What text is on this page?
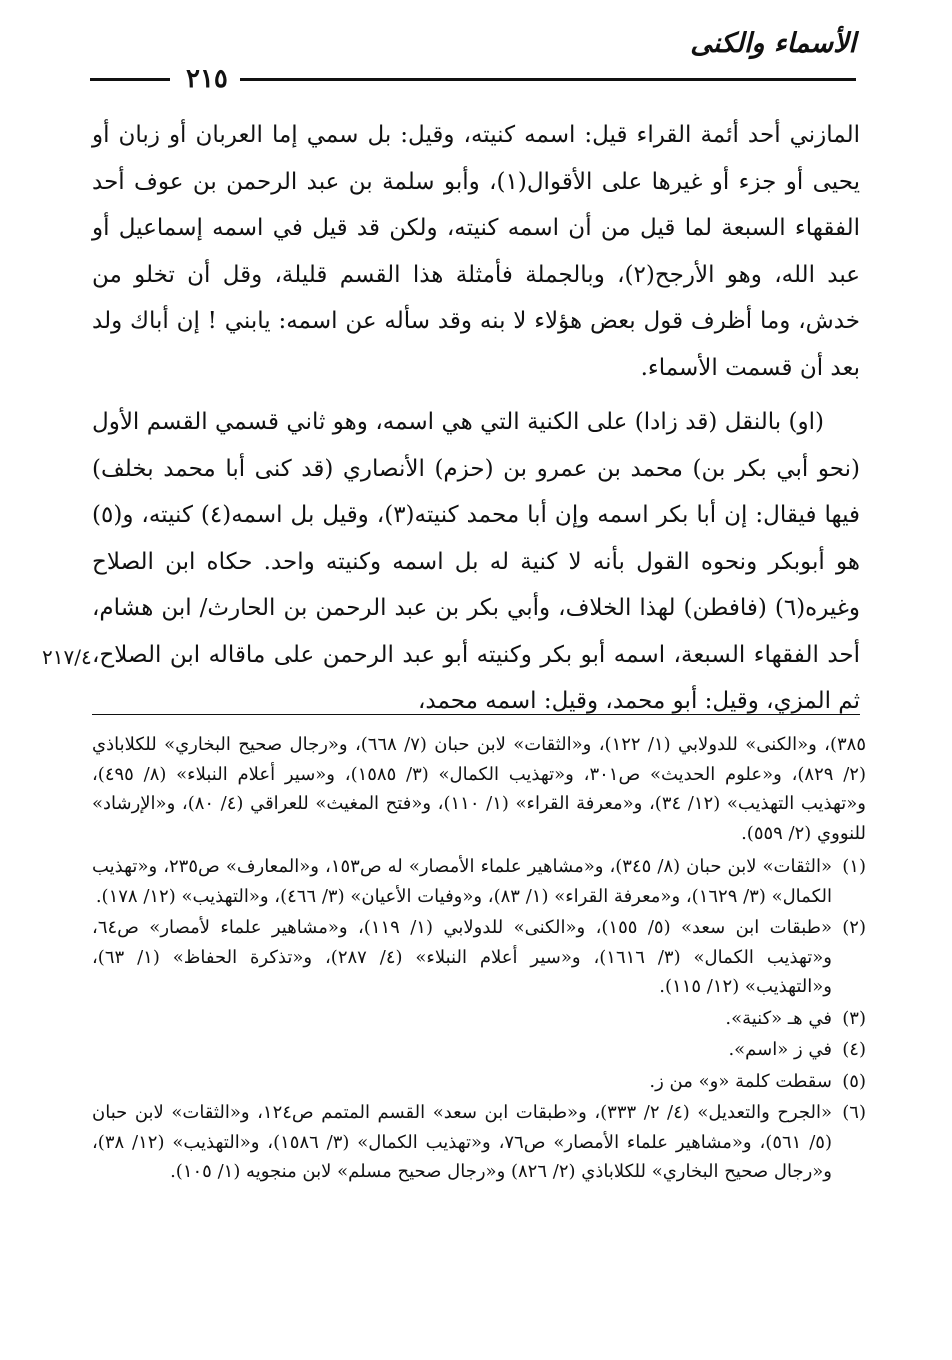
الأسماء والكنى
٢١٥

المازني أحد أئمة القراء قيل: اسمه كنيته، وقيل: بل سمي إما العربان أو زبان أو يحيى أو جزء أو غيرها على الأقوال(١)، وأبو سلمة بن عبد الرحمن بن عوف أحد الفقهاء السبعة لما قيل من أن اسمه كنيته، ولكن قد قيل في اسمه إسماعيل أو عبد الله، وهو الأرجح(٢)، وبالجملة فأمثلة هذا القسم قليلة، وقل أن تخلو من خدش، وما أظرف قول بعض هؤلاء لا بنه وقد سأله عن اسمه: يابني ! إن أباك ولد بعد أن قسمت الأسماء.

(او) بالنقل (قد زادا) على الكنية التي هي اسمه، وهو ثاني قسمي القسم الأول (نحو أبي بكر بن) محمد بن عمرو بن (حزم) الأنصاري (قد كنى أبا محمد بخلف) فيها فيقال: إن أبا بكر اسمه وإن أبا محمد كنيته(٣)، وقيل بل اسمه(٤) كنيته، و(٥) هو أبوبكر ونحوه القول بأنه لا كنية له بل اسمه وكنيته واحد. حكاه ابن الصلاح وغيره(٦) (فافطن) لهذا الخلاف، وأبي بكر بن عبد الرحمن بن الحارث/ ابن هشام، أحد الفقهاء السبعة، اسمه أبو بكر وكنيته أبو عبد الرحمن على ماقاله ابن الصلاح، ثم المزي، وقيل: أبو محمد، وقيل: اسمه محمد،

٢١٧/٤

٣٨٥)، و«الكنى» للدولابي (١/ ١٢٢)، و«الثقات» لابن حبان (٧/ ٦٦٨)، و«رجال صحيح البخاري» للكلاباذي (٢/ ٨٢٩)، و«علوم الحديث» ص٣٠١، و«تهذيب الكمال» (٣/ ١٥٨٥)، و«سير أعلام النبلاء» (٨/ ٤٩٥)، و«تهذيب التهذيب» (١٢/ ٣٤)، و«معرفة القراء» (١/ ١١٠)، و«فتح المغيث» للعراقي (٤/ ٨٠)، و«الإرشاد» للنووي (٢/ ٥٥٩).

(١)
«الثقات» لابن حبان (٨/ ٣٤٥)، و«مشاهير علماء الأمصار» له ص١٥٣، و«المعارف» ص٢٣٥، و«تهذيب الكمال» (٣/ ١٦٢٩)، و«معرفة القراء» (١/ ٨٣)، و«وفيات الأعيان» (٣/ ٤٦٦)، و«التهذيب» (١٢/ ١٧٨).

(٢)
«طبقات ابن سعد» (٥/ ١٥٥)، و«الكنى» للدولابي (١/ ١١٩)، و«مشاهير علماء لأمصار» ص٦٤، و«تهذيب الكمال» (٣/ ١٦١٦)، و«سير أعلام النبلاء» (٤/ ٢٨٧)، و«تذكرة الحفاظ» (١/ ٦٣)، و«التهذيب» (١٢/ ١١٥).

(٣)
في هـ «كنية».

(٤)
في ز «اسم».

(٥)
سقطت كلمة «و» من ز.

(٦)
«الجرح والتعديل» (٤/ ٢/ ٣٣٣)، و«طبقات ابن سعد» القسم المتمم ص١٢٤، و«الثقات» لابن حبان (٥/ ٥٦١)، و«مشاهير علماء الأمصار» ص٧٦، و«تهذيب الكمال» (٣/ ١٥٨٦)، و«التهذيب» (١٢/ ٣٨)، و«رجال صحيح البخاري» للكلاباذي (٢/ ٨٢٦) و«رجال صحيح مسلم» لابن منجويه (١/ ١٠٥).
